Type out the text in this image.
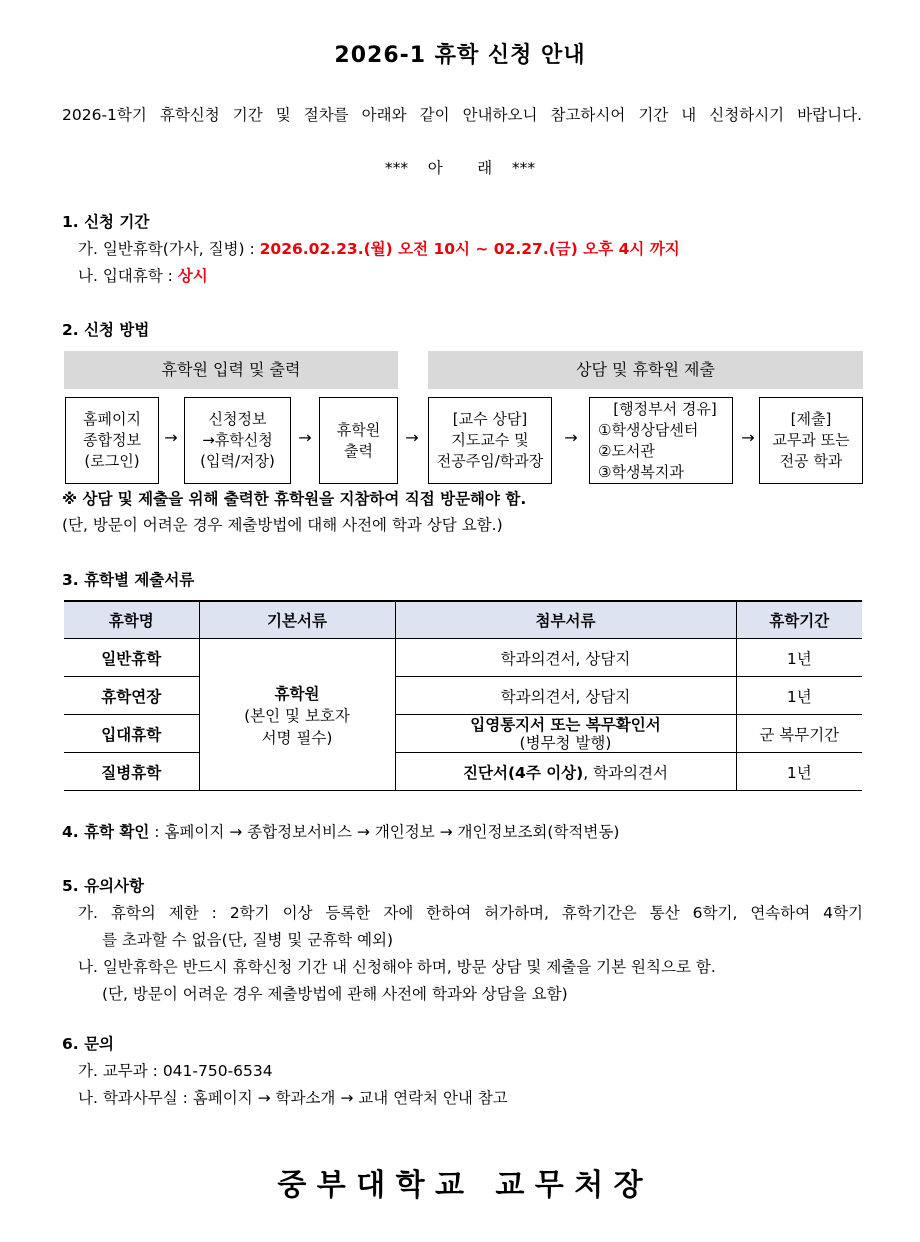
2026-1 휴학 신청 안내
2026-1학기 휴학신청 기간 및 절차를 아래와 같이 안내하오니 참고하시어 기간 내 신청하시기 바랍니다.
***    아       래    ***
1. 신청 기간
가. 일반휴학(가사, 질병) : 2026.02.23.(월) 오전 10시 ~ 02.27.(금) 오후 4시 까지
나. 입대휴학 : 상시
2. 신청 방법
휴학원 입력 및 출력	상담 및 휴학원 제출
홈페이지
종합정보
(로그인)
→
신청정보
→휴학신청
(입력/저장)
→ 휴학원
출력
→
[교수 상담]
지도교수 및
전공주임/학과장
→
[행정부서 경유]
①학생상담센터
②도서관
③학생복지과
→
[제출]
교무과 또는
전공 학과
※ 상담 및 제출을 위해 출력한 휴학원을 지참하여 직접 방문해야 함.
(단, 방문이 어려운 경우 제출방법에 대해 사전에 학과 상담 요함.)
3. 휴학별 제출서류
휴학명	기본서류	첨부서류	휴학기간
일반휴학	휴학원
(본인 및 보호자
서명 필수)	학과의견서, 상담지	1년
휴학연장		학과의견서, 상담지	1년
입대휴학		입영통지서 또는 복무확인서
(병무청 발행)	군 복무기간
질병휴학		진단서(4주 이상), 학과의견서	1년
4. 휴학 확인 : 홈페이지 → 종합정보서비스 → 개인정보 → 개인정보조회(학적변동)
5. 유의사항
가. 휴학의 제한 : 2학기 이상 등록한 자에 한하여 허가하며, 휴학기간은 통산 6학기, 연속하여 4학기
를 초과할 수 없음(단, 질병 및 군휴학 예외)
나. 일반휴학은 반드시 휴학신청 기간 내 신청해야 하며, 방문 상담 및 제출을 기본 원칙으로 함.
(단, 방문이 어려운 경우 제출방법에 관해 사전에 학과와 상담을 요함)
6. 문의
가. 교무과 : 041-750-6534
나. 학과사무실 : 홈페이지 → 학과소개 → 교내 연락처 안내 참고
중 부 대 학 교   교 무 처 장
